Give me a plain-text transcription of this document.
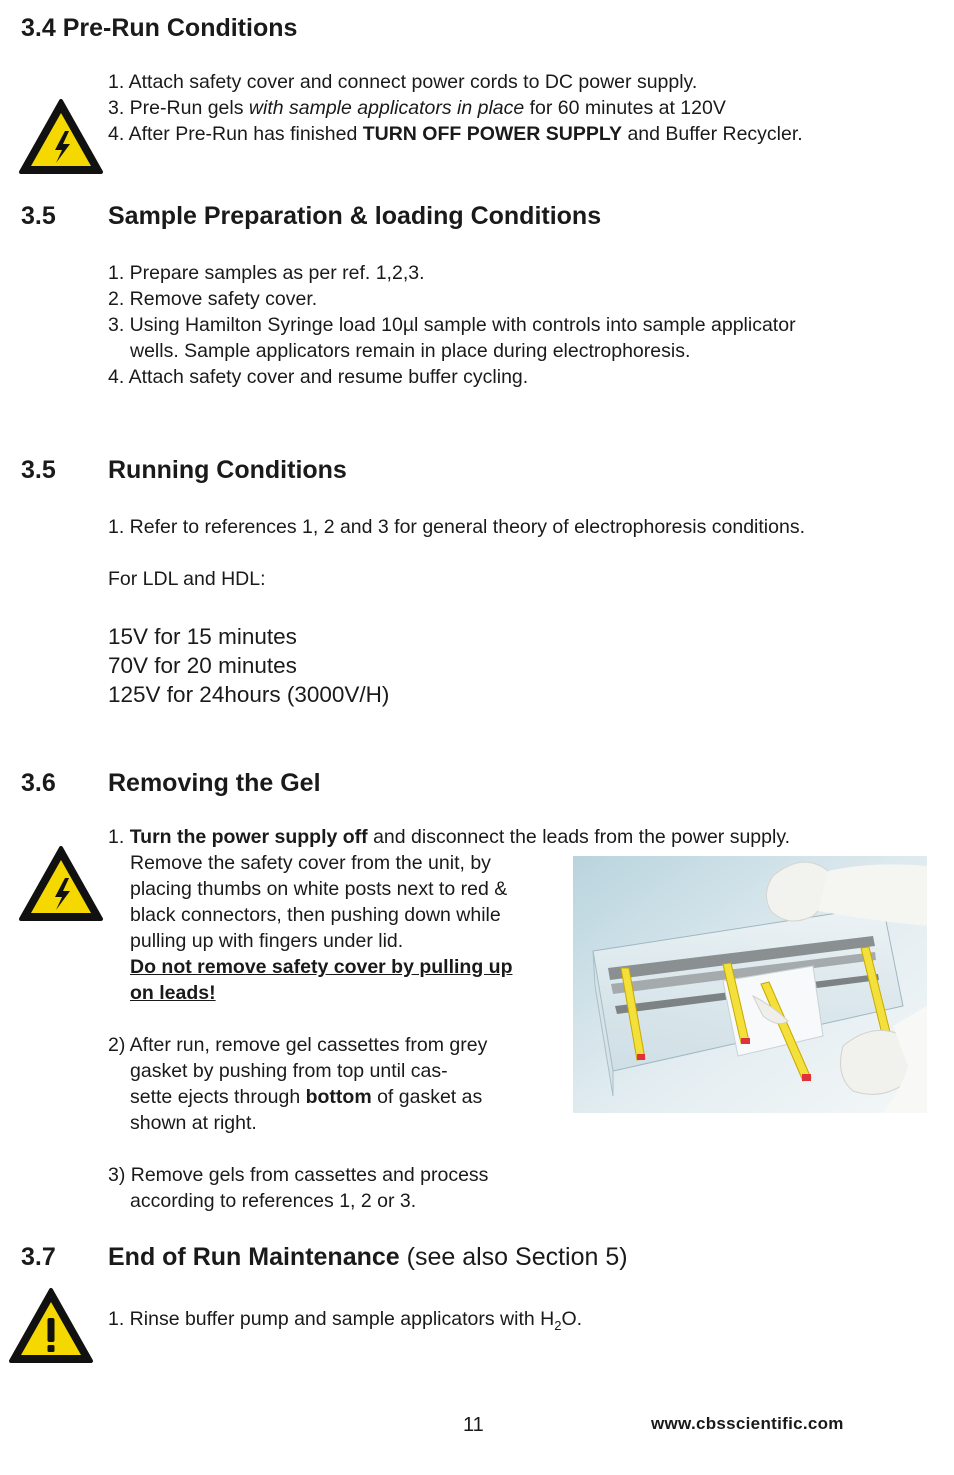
3.4 Pre-Run Conditions

1. Attach safety cover and connect power cords to DC power supply.

3. Pre-Run gels with sample applicators in place for 60 minutes at 120V

4. After Pre-Run has finished TURN OFF POWER SUPPLY and Buffer Recycler.

3.5 Sample Preparation & loading Conditions

1. Prepare samples as per ref. 1,2,3.

2. Remove safety cover.

3. Using Hamilton Syringe load 10µl sample with controls into sample applicator

wells. Sample applicators remain in place during electrophoresis.

4. Attach safety cover and resume buffer cycling.

3.5 Running Conditions

1. Refer to references 1, 2 and 3 for general theory of electrophoresis conditions.

For LDL and HDL:

15V for 15 minutes

70V for 20 minutes

125V for 24hours (3000V/H)

3.6 Removing the Gel

1. Turn the power supply off and disconnect the leads from the power supply.

Remove the safety cover from the unit, by

placing thumbs on white posts next to red &

black connectors, then pushing down while

pulling up with fingers under lid.

Do not remove safety cover by pulling up

on leads!

2) After run, remove gel cassettes from grey

gasket by pushing from top until cas-

sette ejects through bottom of gasket as

shown at right.

3) Remove gels from cassettes and process

according to references 1, 2 or 3.

3.7 End of Run Maintenance (see also Section 5)

1. Rinse buffer pump and sample applicators with $H_2O$.

11	www.cbsscientific.com
